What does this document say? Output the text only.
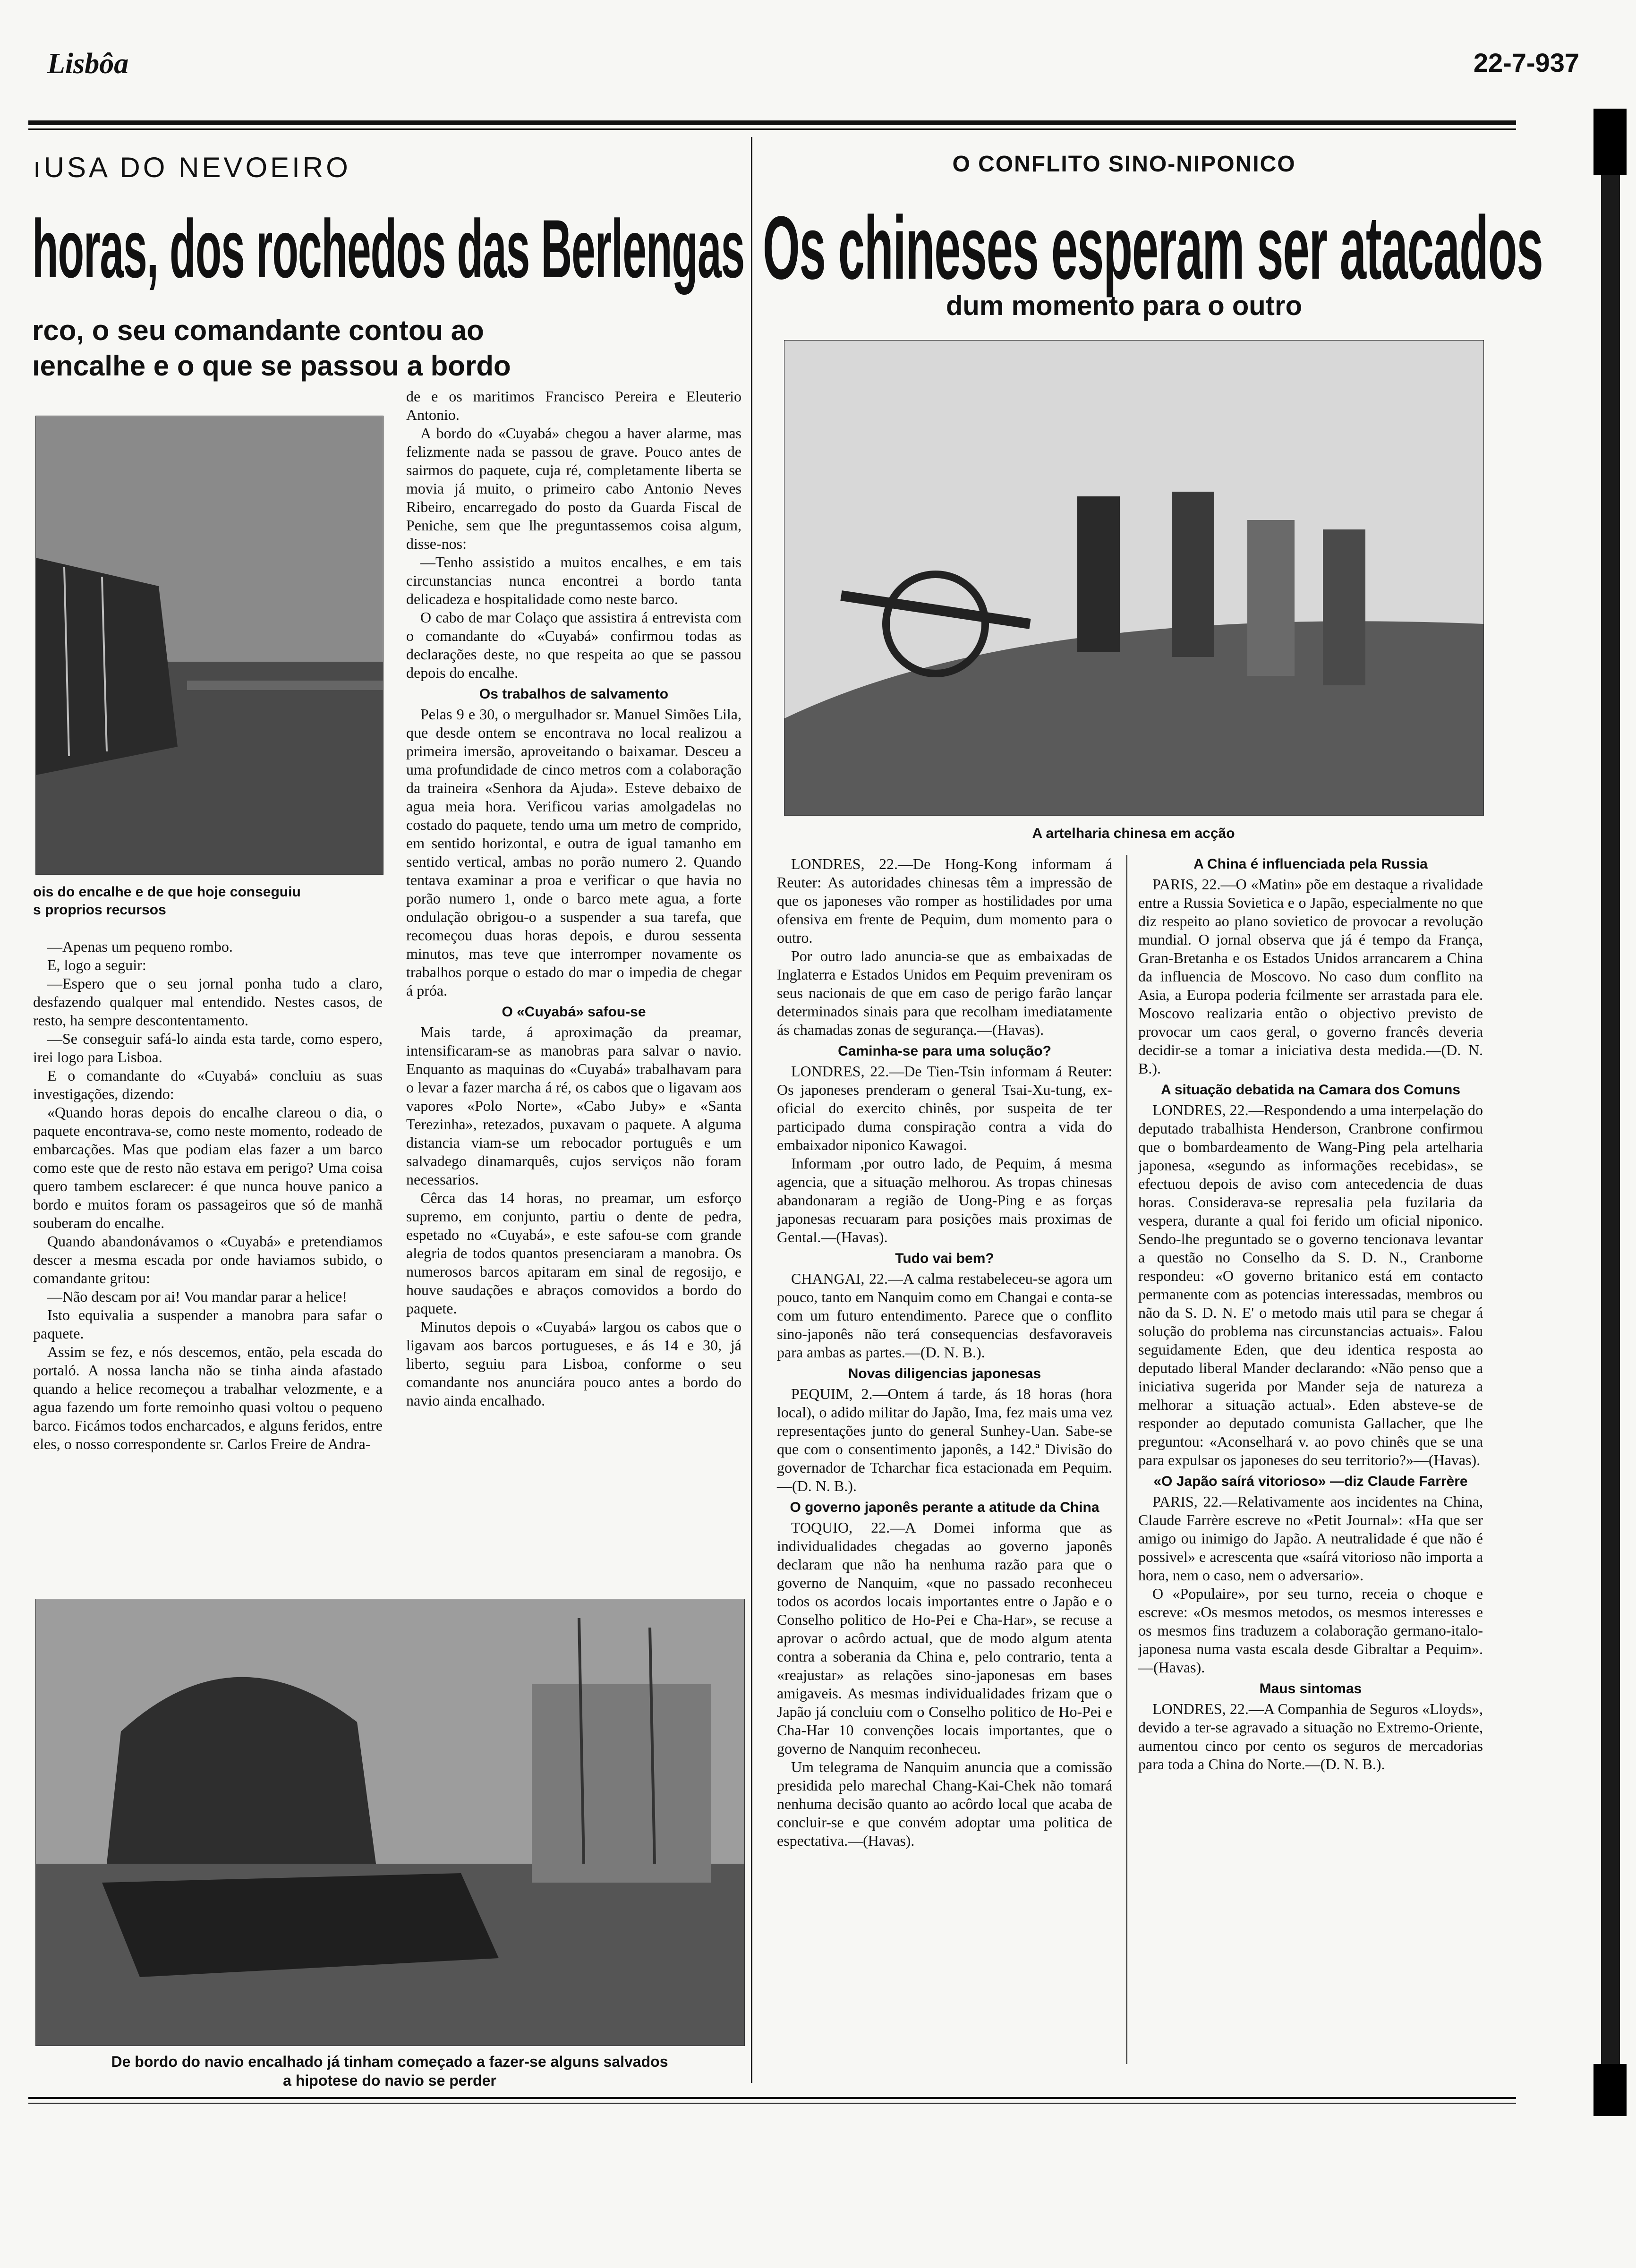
Lisbôa	22-7-937
ıUSA DO NEVOEIRO
horas, dos rochedos das Berlengas
rco, o seu comandante contou ao
ıencalhe e o que se passou a bordo
ois do encalhe e de que hoje conseguiu
s proprios recursos

—Apenas um pequeno rombo.

E, logo a seguir:

—Espero que o seu jornal ponha tudo a claro, desfazendo qualquer mal entendido. Nestes casos, de resto, ha sempre descontentamento.

—Se conseguir safá-lo ainda esta tarde, como espero, irei logo para Lisboa.

E o comandante do «Cuyabá» concluiu as suas investigações, dizendo:

«Quando horas depois do encalhe clareou o dia, o paquete encontrava-se, como neste momento, rodeado de embarcações. Mas que podiam elas fazer a um barco como este que de resto não estava em perigo? Uma coisa quero tambem esclarecer: é que nunca houve panico a bordo e muitos foram os passageiros que só de manhã souberam do encalhe.

Quando abandonávamos o «Cuyabá» e pretendiamos descer a mesma escada por onde haviamos subido, o comandante gritou:

—Não descam por ai! Vou mandar parar a helice!

Isto equivalia a suspender a manobra para safar o paquete.

Assim se fez, e nós descemos, então, pela escada do portaló. A nossa lancha não se tinha ainda afastado quando a helice recomeçou a trabalhar velozmente, e a agua fazendo um forte remoinho quasi voltou o pequeno barco. Ficámos todos encharcados, e alguns feridos, entre eles, o nosso correspondente sr. Carlos Freire de Andra-

de e os maritimos Francisco Pereira e Eleuterio Antonio.

A bordo do «Cuyabá» chegou a haver alarme, mas felizmente nada se passou de grave. Pouco antes de sairmos do paquete, cuja ré, completamente liberta se movia já muito, o primeiro cabo Antonio Neves Ribeiro, encarregado do posto da Guarda Fiscal de Peniche, sem que lhe preguntassemos coisa algum, disse-nos:

—Tenho assistido a muitos encalhes, e em tais circunstancias nunca encontrei a bordo tanta delicadeza e hospitalidade como neste barco.

O cabo de mar Colaço que assistira á entrevista com o comandante do «Cuyabá» confirmou todas as declarações deste, no que respeita ao que se passou depois do encalhe.

Os trabalhos de salvamento

Pelas 9 e 30, o mergulhador sr. Manuel Simões Lila, que desde ontem se encontrava no local realizou a primeira imersão, aproveitando o baixamar. Desceu a uma profundidade de cinco metros com a colaboração da traineira «Senhora da Ajuda». Esteve debaixo de agua meia hora. Verificou varias amolgadelas no costado do paquete, tendo uma um metro de comprido, em sentido horizontal, e outra de igual tamanho em sentido vertical, ambas no porão numero 2. Quando tentava examinar a proa e verificar o que havia no porão numero 1, onde o barco mete agua, a forte ondulação obrigou-o a suspender a sua tarefa, que recomeçou duas horas depois, e durou sessenta minutos, mas teve que interromper novamente os trabalhos porque o estado do mar o impedia de chegar á próa.

O «Cuyabá» safou-se

Mais tarde, á aproximação da preamar, intensificaram-se as manobras para salvar o navio. Enquanto as maquinas do «Cuyabá» trabalhavam para o levar a fazer marcha á ré, os cabos que o ligavam aos vapores «Polo Norte», «Cabo Juby» e «Santa Terezinha», retezados, puxavam o paquete. A alguma distancia viam-se um rebocador português e um salvadego dinamarquês, cujos serviços não foram necessarios.

Cêrca das 14 horas, no preamar, um esforço supremo, em conjunto, partiu o dente de pedra, espetado no «Cuyabá», e este safou-se com grande alegria de todos quantos presenciaram a manobra. Os numerosos barcos apitaram em sinal de regosijo, e houve saudações e abraços comovidos a bordo do paquete.

Minutos depois o «Cuyabá» largou os cabos que o ligavam aos barcos portugueses, e ás 14 e 30, já liberto, seguiu para Lisboa, conforme o seu comandante nos anunciára pouco antes a bordo do navio ainda encalhado.

De bordo do navio encalhado já tinham começado a fazer-se alguns salvados
a hipotese do navio se perder
O CONFLITO SINO-NIPONICO
Os chineses esperam ser atacados
dum momento para o outro
A artelharia chinesa em acção

LONDRES, 22.—De Hong-Kong informam á Reuter: As autoridades chinesas têm a impressão de que os japoneses vão romper as hostilidades por uma ofensiva em frente de Pequim, dum momento para o outro.

Por outro lado anuncia-se que as embaixadas de Inglaterra e Estados Unidos em Pequim preveniram os seus nacionais de que em caso de perigo farão lançar determinados sinais para que recolham imediatamente ás chamadas zonas de segurança.—(Havas).

Caminha-se para uma solução?

LONDRES, 22.—De Tien-Tsin informam á Reuter: Os japoneses prenderam o general Tsai-Xu-tung, ex-oficial do exercito chinês, por suspeita de ter participado duma conspiração contra a vida do embaixador niponico Kawagoi.

Informam ,por outro lado, de Pequim, á mesma agencia, que a situação melhorou. As tropas chinesas abandonaram a região de Uong-Ping e as forças japonesas recuaram para posições mais proximas de Gental.—(Havas).

Tudo vai bem?

CHANGAI, 22.—A calma restabeleceu-se agora um pouco, tanto em Nanquim como em Changai e conta-se com um futuro entendimento. Parece que o conflito sino-japonês não terá consequencias desfavoraveis para ambas as partes.—(D. N. B.).

Novas diligencias japonesas

PEQUIM, 2.—Ontem á tarde, ás 18 horas (hora local), o adido militar do Japão, Ima, fez mais uma vez representações junto do general Sunhey-Uan. Sabe-se que com o consentimento japonês, a 142.ª Divisão do governador de Tcharchar fica estacionada em Pequim.—(D. N. B.).

O governo japonês perante a atitude da China

TOQUIO, 22.—A Domei informa que as individualidades chegadas ao governo japonês declaram que não ha nenhuma razão para que o governo de Nanquim, «que no passado reconheceu todos os acordos locais importantes entre o Japão e o Conselho politico de Ho-Pei e Cha-Har», se recuse a aprovar o acôrdo actual, que de modo algum atenta contra a soberania da China e, pelo contrario, tenta a «reajustar» as relações sino-japonesas em bases amigaveis. As mesmas individualidades frizam que o Japão já concluiu com o Conselho politico de Ho-Pei e Cha-Har 10 convenções locais importantes, que o governo de Nanquim reconheceu.

Um telegrama de Nanquim anuncia que a comissão presidida pelo marechal Chang-Kai-Chek não tomará nenhuma decisão quanto ao acôrdo local que acaba de concluir-se e que convém adoptar uma politica de espectativa.—(Havas).

A China é influenciada pela Russia

PARIS, 22.—O «Matin» põe em destaque a rivalidade entre a Russia Sovietica e o Japão, especialmente no que diz respeito ao plano sovietico de provocar a revolução mundial. O jornal observa que já é tempo da França, Gran-Bretanha e os Estados Unidos arrancarem a China da influencia de Moscovo. No caso dum conflito na Asia, a Europa poderia fcilmente ser arrastada para ele. Moscovo realizaria então o objectivo previsto de provocar um caos geral, o governo francês deveria decidir-se a tomar a iniciativa desta medida.—(D. N. B.).

A situação debatida na Camara dos Comuns

LONDRES, 22.—Respondendo a uma interpelação do deputado trabalhista Henderson, Cranbrone confirmou que o bombardeamento de Wang-Ping pela artelharia japonesa, «segundo as informações recebidas», se efectuou depois de aviso com antecedencia de duas horas. Considerava-se represalia pela fuzilaria da vespera, durante a qual foi ferido um oficial niponico. Sendo-lhe preguntado se o governo tencionava levantar a questão no Conselho da S. D. N., Cranborne respondeu: «O governo britanico está em contacto permanente com as potencias interessadas, membros ou não da S. D. N. E' o metodo mais util para se chegar á solução do problema nas circunstancias actuais». Falou seguidamente Eden, que deu identica resposta ao deputado liberal Mander declarando: «Não penso que a iniciativa sugerida por Mander seja de natureza a melhorar a situação actual». Eden absteve-se de responder ao deputado comunista Gallacher, que lhe preguntou: «Aconselhará v. ao povo chinês que se una para expulsar os japoneses do seu territorio?»—(Havas).

«O Japão saírá vitorioso» —diz Claude Farrère

PARIS, 22.—Relativamente aos incidentes na China, Claude Farrère escreve no «Petit Journal»: «Ha que ser amigo ou inimigo do Japão. A neutralidade é que não é possivel» e acrescenta que «saírá vitorioso não importa a hora, nem o caso, nem o adversario».

O «Populaire», por seu turno, receia o choque e escreve: «Os mesmos metodos, os mesmos interesses e os mesmos fins traduzem a colaboração germano-italo-japonesa numa vasta escala desde Gibraltar a Pequim».—(Havas).

Maus sintomas

LONDRES, 22.—A Companhia de Seguros «Lloyds», devido a ter-se agravado a situação no Extremo-Oriente, aumentou cinco por cento os seguros de mercadorias para toda a China do Norte.—(D. N. B.).
